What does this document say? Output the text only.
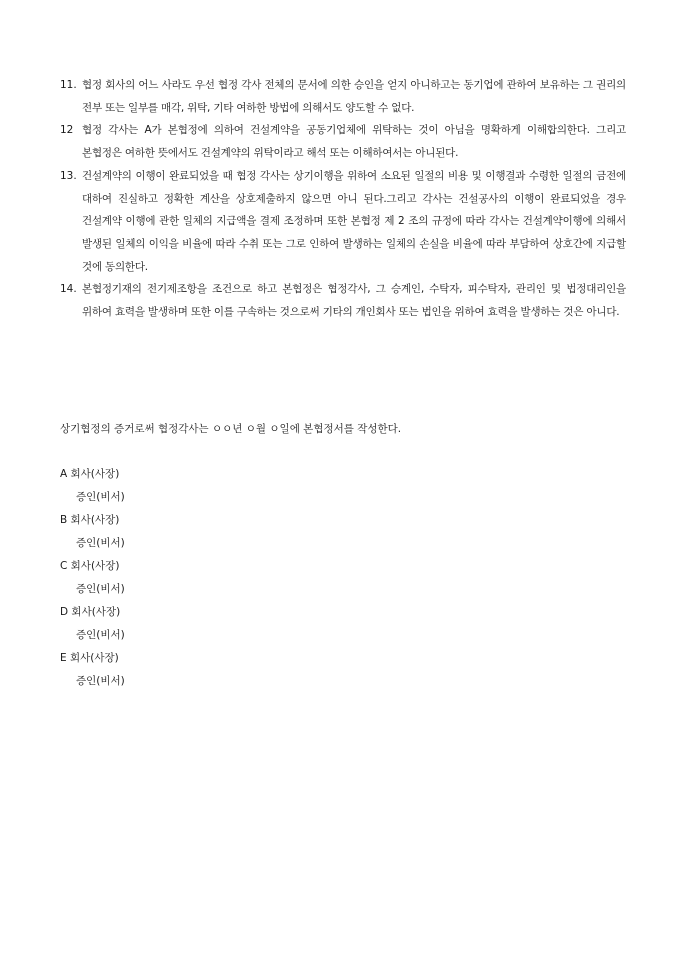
11. 협정 회사의 어느 사라도 우선 협정 각사 전체의 문서에 의한 승인을 얻지 아니하고는 동기업에 관하여 보유하는 그 권리의 전부 또는 일부를 매각, 위탁, 기타 여하한 방법에 의해서도 양도할 수 없다.
12 협정 각사는 A가 본협정에 의하여 건설계약을 공동기업체에 위탁하는 것이 아님을 명확하게 이해합의한다. 그리고 본협정은 여하한 뜻에서도 건설계약의 위탁이라고 해석 또는 이해하여서는 아니된다.
13. 건설계약의 이행이 완료되었을 때 협정 각사는 상기이행을 위하여 소요된 일절의 비용 및 이행결과 수령한 일절의 금전에 대하여 진실하고 정확한 계산을 상호제출하지 않으면 아니 된다.그리고 각사는 건설공사의 이행이 완료되었을 경우 건설계약 이행에 관한 일체의 지급액을 결제 조정하며 또한 본협정 제 2 조의 규정에 따라 각사는 건설계약이행에 의해서 발생된 일체의 이익을 비율에 따라 수취 또는 그로 인하여 발생하는 일체의 손실을 비율에 따라 부담하여 상호간에 지급할 것에 동의한다.
14. 본협정기재의 전기제조항을 조건으로 하고 본협정은 협정각사, 그 승계인, 수탁자, 피수탁자, 관리인 및 법정대리인을 위하여 효력을 발생하며 또한 이를 구속하는 것으로써 기타의 개인회사 또는 법인을 위하여 효력을 발생하는 것은 아니다.
상기협정의 증거로써 협정각사는 ㅇㅇ년 ㅇ월 ㅇ일에 본협정서를 작성한다.
A 회사(사장)
증인(비서)
B 회사(사장)
증인(비서)
C 회사(사장)
증인(비서)
D 회사(사장)
증인(비서)
E 회사(사장)
증인(비서)
